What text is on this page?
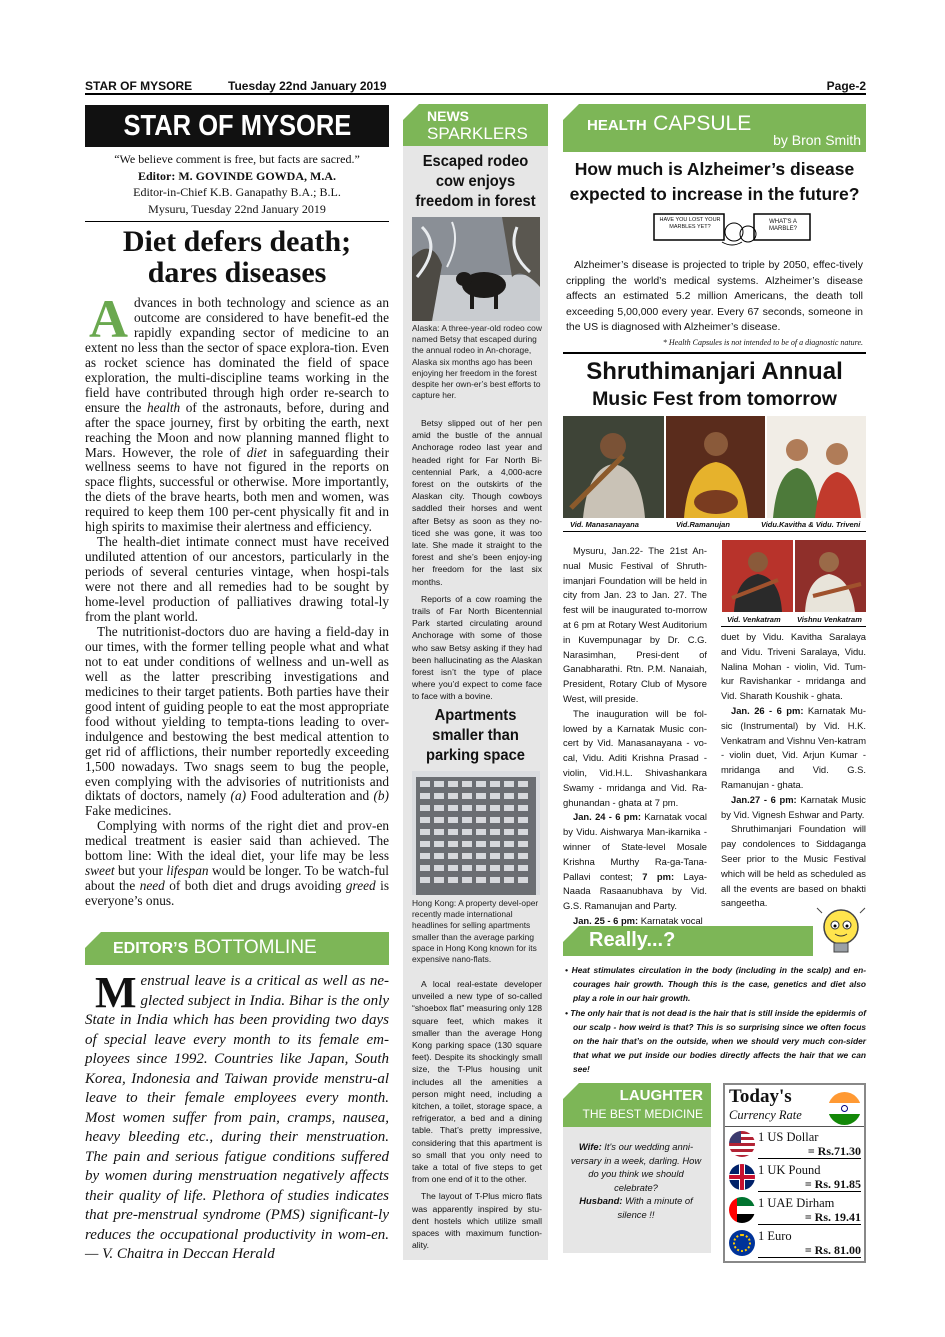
STAR OF MYSORE	Tuesday 22nd January 2019	Page-2
STAR OF MYSORE
“We believe comment is free, but facts are sacred.”
Editor: M. GOVINDE GOWDA, M.A.
Editor-in-Chief K.B. Ganapathy B.A.; B.L.
Mysuru, Tuesday 22nd January 2019
Diet defers death;
dares diseases

Advances in both technology and science as an outcome are considered to have benefit-ed the rapidly expanding sector of medicine to an extent no less than the sector of space explora-tion. Even as rocket science has dominated the field of space exploration, the multi-discipline teams working in the field have contributed through high order re-search to ensure the health of the astronauts, before, during and after the space journey, first by orbiting the earth, next reaching the Moon and now planning manned flight to Mars. However, the role of diet in safeguarding their wellness seems to have not figured in the reports on space flights, successful or otherwise. More importantly, the diets of the brave hearts, both men and women, was required to keep them 100 per-cent physically fit and in high spirits to maximise their alertness and efficiency.

The health-diet intimate connect must have received undiluted attention of our ancestors, particularly in the periods of several centuries vintage, when hospi-tals were not there and all remedies had to be sought by home-level production of palliatives drawing total-ly from the plant world.

The nutritionist-doctors duo are having a field-day in our times, with the former telling people what and what not to eat under conditions of wellness and un-well as well as the latter prescribing investigations and medicines to their target patients. Both parties have their good intent of guiding people to eat the most appropriate food without yielding to tempta-tions leading to over-indulgence and bestowing the best medical attention to get rid of afflictions, their number reportedly exceeding 1,500 nowadays. Two snags seem to bug the people, even complying with the advisories of nutritionists and diktats of doctors, namely (a) Food adulteration and (b) Fake medicines.

Complying with norms of the right diet and prov-en medical treatment is easier said than achieved. The bottom line: With the ideal diet, your life may be less sweet but your lifespan would be longer. To be watch-ful about the need of both diet and drugs avoiding greed is everyone’s onus.

EDITOR’S BOTTOMLINE
Menstrual leave is a critical as well as ne-glected subject in India. Bihar is the only State in India which has been providing two days of special leave every month to its female em-ployees since 1992. Countries like Japan, South Korea, Indonesia and Taiwan provide menstru-al leave to their female employees every month. Most women suffer from pain, cramps, nausea, heavy bleeding etc., during their menstruation. The pain and serious fatigue conditions suffered by women during menstruation negatively affects their quality of life. Plethora of studies indicates that pre-menstrual syndrome (PMS) significant-ly reduces the occupational productivity in wom-en. — V. Chaitra in Deccan Herald
NEWS
SPARKLERS
Escaped rodeo
cow enjoys
freedom in forest
Alaska: A three-year-old rodeo cow named Betsy that escaped during the annual rodeo in An-chorage, Alaska six months ago has been enjoying her freedom in the forest despite her own-er’s best efforts to capture her.

Betsy slipped out of her pen amid the bustle of the annual Anchorage rodeo last year and headed right for Far North Bi-centennial Park, a 4,000-acre forest on the outskirts of the Alaskan city. Though cowboys saddled their horses and went after Betsy as soon as they no-ticed she was gone, it was too late. She made it straight to the forest and she’s been enjoy-ing her freedom for the last six months.

Reports of a cow roaming the trails of Far North Bicentennial Park started circulating around Anchorage with some of those who saw Betsy asking if they had been hallucinating as the Alaskan forest isn’t the type of place where you’d expect to come face to face with a bovine.

Apartments
smaller than
parking space
Hong Kong: A property devel-oper recently made international headlines for selling apartments smaller than the average parking space in Hong Kong known for its expensive nano-flats.

A local real-estate developer unveiled a new type of so-called “shoebox flat” measuring only 128 square feet, which makes it smaller than the average Hong Kong parking space (130 square feet). Despite its shockingly small size, the T-Plus housing unit includes all the amenities a person might need, including a kitchen, a toilet, storage space, a refrigerator, a bed and a dining table. That’s pretty impressive, considering that this apartment is so small that you only need to take a total of five steps to get from one end of it to the other.

The layout of T-Plus micro flats was apparently inspired by stu-dent hostels which utilize small spaces with maximum function-ality.

HEALTH CAPSULE
by Bron Smith
How much is Alzheimer’s disease
expected to increase in the future?
HAVE YOU LOST YOUR MARBLES YET?
WHAT'S A MARBLE?
Alzheimer’s disease is projected to triple by 2050, effec-tively crippling the world’s medical systems. Alzheimer’s disease affects an estimated 5.2 million Americans, the death toll exceeding 5,00,000 every year. Every 67 seconds, someone in the US is diagnosed with Alzheimer’s disease.
* Health Capsules is not intended to be of a diagnostic nature.
Shruthimanjari Annual
Music Fest from tomorrow
Vid. Manasanayana	Vid.Ramanujan	Vidu.Kavitha & Vidu. Triveni

Mysuru, Jan.22- The 21st An-nual Music Festival of Shruth-imanjari Foundation will be held in city from Jan. 23 to Jan. 27. The fest will be inaugurated to-morrow at 6 pm at Rotary West Auditorium in Kuvempunagar by Dr. C.G. Narasimhan, Presi-dent of Ganabharathi. Rtn. P.M. Nanaiah, President, Rotary Club of Mysore West, will preside.

The inauguration will be fol-lowed by a Karnatak Music con-cert by Vid. Manasanayana - vo-cal, Vidu. Aditi Krishna Prasad - violin, Vid.H.L. Shivashankara Swamy - mridanga and Vid. Ra-ghunandan - ghata at 7 pm.

Jan. 24 - 6 pm: Karnatak vocal by Vidu. Aishwarya Man-ikarnika - winner of State-level Mosale Krishna Murthy Ra-ga-Tana-Pallavi contest; 7 pm: Laya-Naada Rasaanubhava by Vid. G.S. Ramanujan and Party.

Jan. 25 - 6 pm: Karnatak vocal

Vid. Venkatram Vishnu Venkatram

duet by Vidu. Kavitha Saralaya and Vidu. Triveni Saralaya, Vidu. Nalina Mohan - violin, Vid. Tum-kur Ravishankar - mridanga and Vid. Sharath Koushik - ghata.

Jan. 26 - 6 pm: Karnatak Mu-sic (Instrumental) by Vid. H.K. Venkatram and Vishnu Ven-katram - violin duet, Vid. Arjun Kumar - mridanga and Vid. G.S. Ramanujan - ghata.

Jan.27 - 6 pm: Karnatak Music by Vid. Vignesh Eshwar and Party.

Shruthimanjari Foundation will pay condolences to Siddaganga Seer prior to the Music Festival which will be held as scheduled as all the events are based on bhakti sangeetha.

Really...?
• Heat stimulates circulation in the body (including in the scalp) and en-courages hair growth. Though this is the case, genetics and diet also play a role in our hair growth.
• The only hair that is not dead is the hair that is still inside the epidermis of our scalp - how weird is that? This is so surprising since we often focus on the hair that’s on the outside, when we should very much con-sider that what we put inside our bodies directly affects the hair that we can see!
LAUGHTER
THE BEST MEDICINE
Wife: It's our wedding anni-versary in a week, darling. How do you think we should celebrate?
Husband: With a minute of silence !!
Today's
Currency Rate
1 US Dollar
= Rs.71.30
1 UK Pound
= Rs. 91.85
1 UAE Dirham
= Rs. 19.41
1 Euro
= Rs. 81.00
